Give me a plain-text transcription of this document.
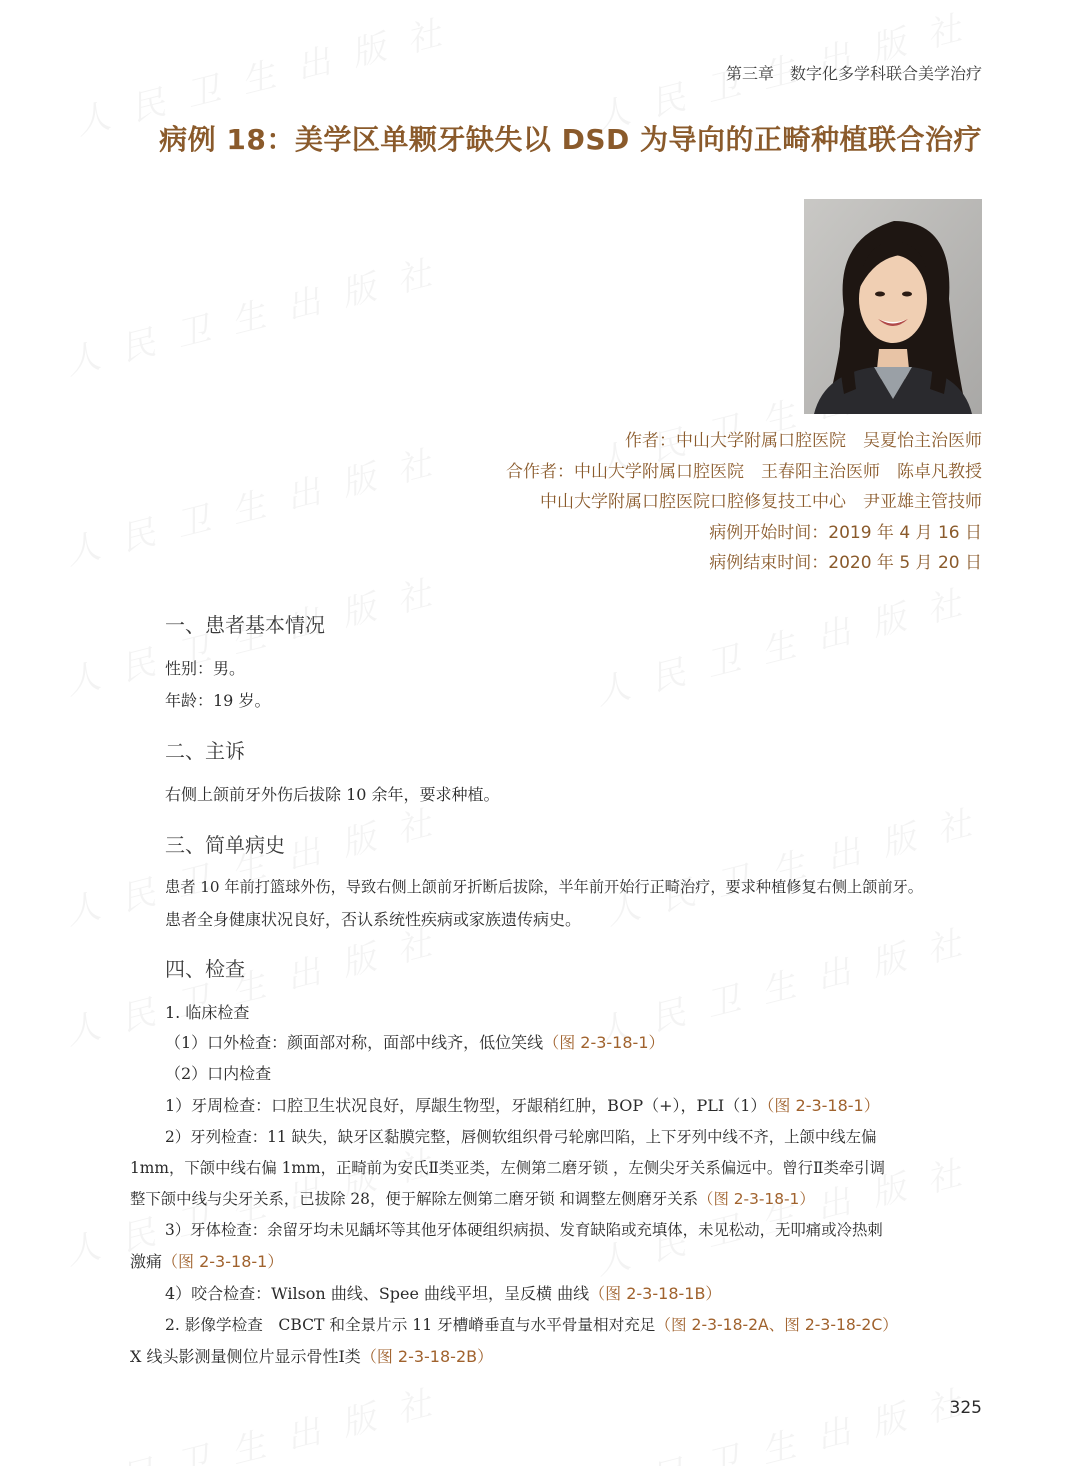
第三章 数字化多学科联合美学治疗
病例 18：美学区单颗牙缺失以 DSD 为导向的正畸种植联合治疗
作者：中山大学附属口腔医院　吴夏怡主治医师
合作者：中山大学附属口腔医院　王春阳主治医师　陈卓凡教授
中山大学附属口腔医院口腔修复技工中心　尹亚雄主管技师
病例开始时间：2019 年 4 月 16 日
病例结束时间：2020 年 5 月 20 日
一、患者基本情况
性别：男。
年龄：19 岁。
二、主诉
右侧上颌前牙外伤后拔除 10 余年，要求种植。
三、简单病史
患者 10 年前打篮球外伤，导致右侧上颌前牙折断后拔除，半年前开始行正畸治疗，要求种植修复右侧上颌前牙。
患者全身健康状况良好，否认系统性疾病或家族遗传病史。
四、检查
1. 临床检查
（1）口外检查：颜面部对称，面部中线齐，低位笑线（图 2-3-18-1）
（2）口内检查
1）牙周检查：口腔卫生状况良好，厚龈生物型，牙龈稍红肿，BOP（+），PLI（1）（图 2-3-18-1）
2）牙列检查：11 缺失，缺牙区黏膜完整，唇侧软组织骨弓轮廓凹陷，上下牙列中线不齐，上颌中线左偏
1mm，下颌中线右偏 1mm，正畸前为安氏Ⅱ类亚类，左侧第二磨牙锁 ，左侧尖牙关系偏远中。曾行Ⅱ类牵引调
整下颌中线与尖牙关系，已拔除 28，便于解除左侧第二磨牙锁 和调整左侧磨牙关系（图 2-3-18-1）
3）牙体检查：余留牙均未见龋坏等其他牙体硬组织病损、发育缺陷或充填体，未见松动，无叩痛或冷热刺
激痛（图 2-3-18-1）
4）咬合检查：Wilson 曲线、Spee 曲线平坦，呈反横 曲线（图 2-3-18-1B）
2. 影像学检查　CBCT 和全景片示 11 牙槽嵴垂直与水平骨量相对充足（图 2-3-18-2A、图 2-3-18-2C）
X 线头影测量侧位片显示骨性Ⅰ类（图 2-3-18-2B）
325
